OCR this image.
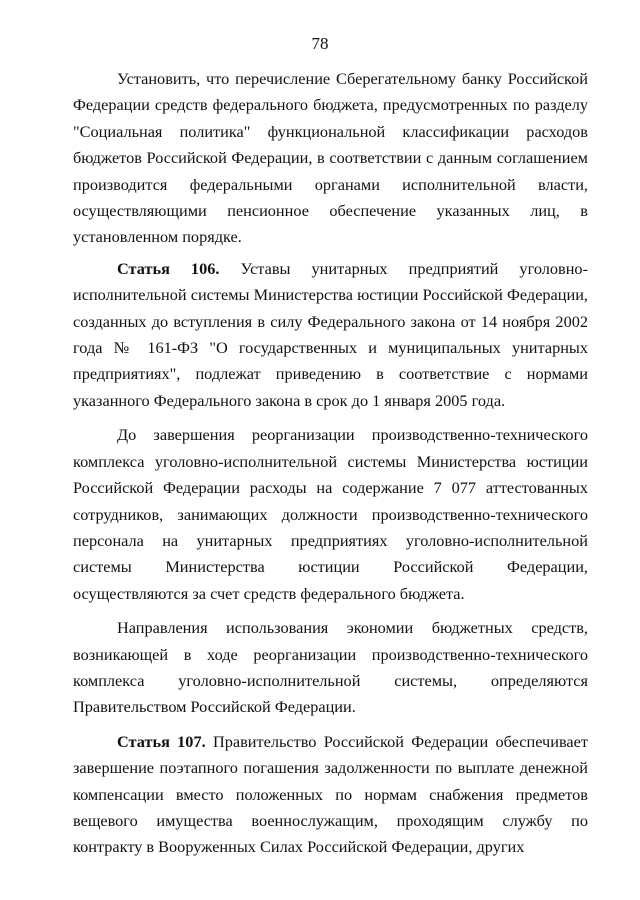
78

Установить, что перечисление Сберегательному банку Российской Федерации средств федерального бюджета, предусмотренных по разделу "Социальная политика" функциональной классификации расходов бюджетов Российской Федерации, в соответствии с данным соглашением производится федеральными органами исполнительной власти, осуществляющими пенсионное обеспечение указанных лиц, в установленном порядке.

Статья 106. Уставы унитарных предприятий уголовно-исполнительной системы Министерства юстиции Российской Федерации, созданных до вступления в силу Федерального закона от 14 ноября 2002 года № 161-ФЗ "О государственных и муниципальных унитарных предприятиях", подлежат приведению в соответствие с нормами указанного Федерального закона в срок до 1 января 2005 года.

До завершения реорганизации производственно-технического комплекса уголовно-исполнительной системы Министерства юстиции Российской Федерации расходы на содержание 7 077 аттестованных сотрудников, занимающих должности производственно-технического персонала на унитарных предприятиях уголовно-исполнительной системы Министерства юстиции Российской Федерации, осуществляются за счет средств федерального бюджета.

Направления использования экономии бюджетных средств, возникающей в ходе реорганизации производственно-технического комплекса уголовно-исполнительной системы, определяются Правительством Российской Федерации.

Статья 107. Правительство Российской Федерации обеспечивает завершение поэтапного погашения задолженности по выплате денежной компенсации вместо положенных по нормам снабжения предметов вещевого имущества военнослужащим, проходящим службу по контракту в Вооруженных Силах Российской Федерации, других
